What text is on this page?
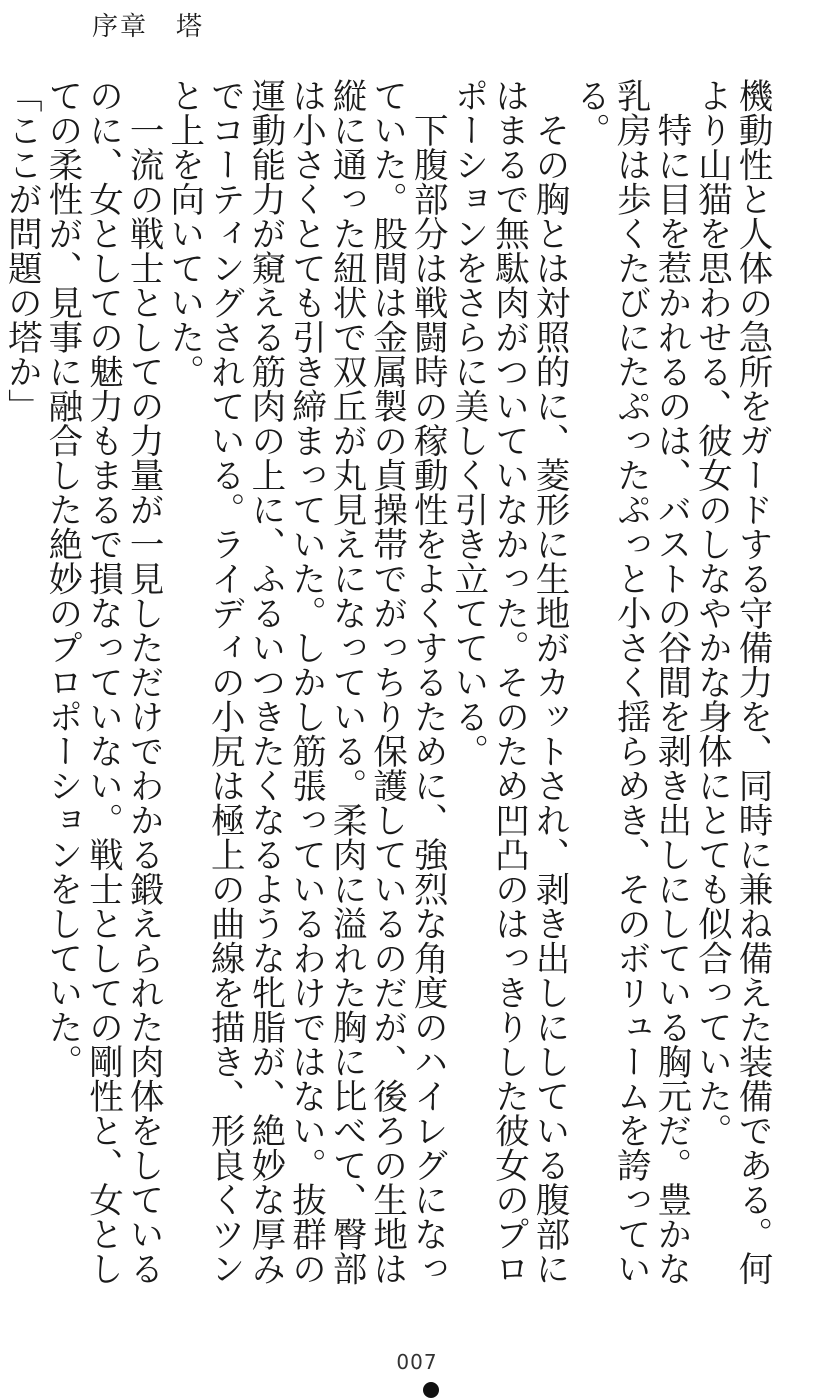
序章　塔

機動性と人体の急所をガードする守備力を、同時に兼ね備えた装備である。何より山猫を思わせる、彼女のしなやかな身体にとても似合っていた。

　特に目を惹かれるのは、バストの谷間を剥き出しにしている胸元だ。豊かな乳房は歩くたびにたぷったぷっと小さく揺らめき、そのボリュームを誇っている。

　その胸とは対照的に、菱形に生地がカットされ、剥き出しにしている腹部にはまるで無駄肉がついていなかった。そのため凹凸のはっきりした彼女のプロポーションをさらに美しく引き立てている。

　下腹部分は戦闘時の稼動性をよくするために、強烈な角度のハイレグになっていた。股間は金属製の貞操帯でがっちり保護しているのだが、後ろの生地は縦に通った紐状で双丘が丸見えになっている。柔肉に溢れた胸に比べて、臀部は小さくとても引き締まっていた。しかし筋張っているわけではない。抜群の運動能力が窺える筋肉の上に、ふるいつきたくなるような牝脂が、絶妙な厚みでコーティングされている。ライディの小尻は極上の曲線を描き、形良くツンと上を向いていた。

　一流の戦士としての力量が一見しただけでわかる鍛えられた肉体をしているのに、女としての魅力もまるで損なっていない。戦士としての剛性と、女としての柔性が、見事に融合した絶妙のプロポーションをしていた。

「ここが問題の塔か」

007
